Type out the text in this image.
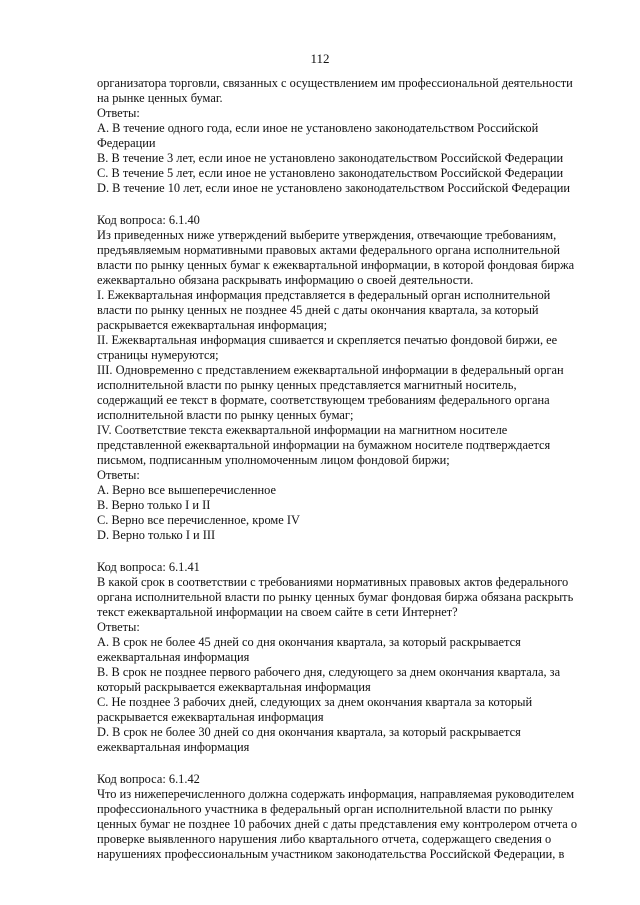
112
организатора торговли, связанных с осуществлением им профессиональной деятельности
на рынке ценных бумаг.
Ответы:
A. В течение одного года, если иное не установлено законодательством Российской
Федерации
B. В течение 3 лет, если иное не установлено законодательством Российской Федерации
C. В течение 5 лет, если иное не установлено законодательством Российской Федерации
D. В течение 10 лет, если иное не установлено законодательством Российской Федерации
Код вопроса: 6.1.40
Из приведенных ниже утверждений выберите утверждения, отвечающие требованиям,
предъявляемым нормативными правовых актами федерального органа исполнительной
власти по рынку ценных бумаг к ежеквартальной информации, в которой фондовая биржа
ежеквартально обязана раскрывать информацию о своей деятельности.
I. Ежеквартальная информация представляется в федеральный орган исполнительной
власти по рынку ценных не позднее 45 дней с даты окончания квартала, за который
раскрывается ежеквартальная информация;
II. Ежеквартальная информация сшивается и скрепляется печатью фондовой биржи, ее
страницы нумеруются;
III. Одновременно с представлением ежеквартальной информации в федеральный орган
исполнительной власти по рынку ценных представляется магнитный носитель,
содержащий ее текст в формате, соответствующем требованиям федерального органа
исполнительной власти по рынку ценных бумаг;
IV. Соответствие текста ежеквартальной информации на магнитном носителе
представленной ежеквартальной информации на бумажном носителе подтверждается
письмом, подписанным уполномоченным лицом фондовой биржи;
Ответы:
A. Верно все вышеперечисленное
B. Верно только I и II
C. Верно все перечисленное, кроме IV
D. Верно только I и III
Код вопроса: 6.1.41
В какой срок в соответствии с требованиями нормативных правовых актов федерального
органа исполнительной власти по рынку ценных бумаг фондовая биржа обязана раскрыть
текст ежеквартальной информации на своем сайте в сети Интернет?
Ответы:
A. В срок не более 45 дней со дня окончания квартала, за который раскрывается
ежеквартальная информация
B. В срок не позднее первого рабочего дня, следующего за днем окончания квартала, за
который раскрывается ежеквартальная информация
C. Не позднее 3 рабочих дней, следующих за днем окончания квартала за который
раскрывается ежеквартальная информация
D. В срок не более 30 дней со дня окончания квартала, за который раскрывается
ежеквартальная информация
Код вопроса: 6.1.42
Что из нижеперечисленного должна содержать информация, направляемая руководителем
профессионального участника в федеральный орган исполнительной власти по рынку
ценных бумаг не позднее 10 рабочих дней с даты представления ему контролером отчета о
проверке выявленного нарушения либо квартального отчета, содержащего сведения о
нарушениях профессиональным участником законодательства Российской Федерации, в
